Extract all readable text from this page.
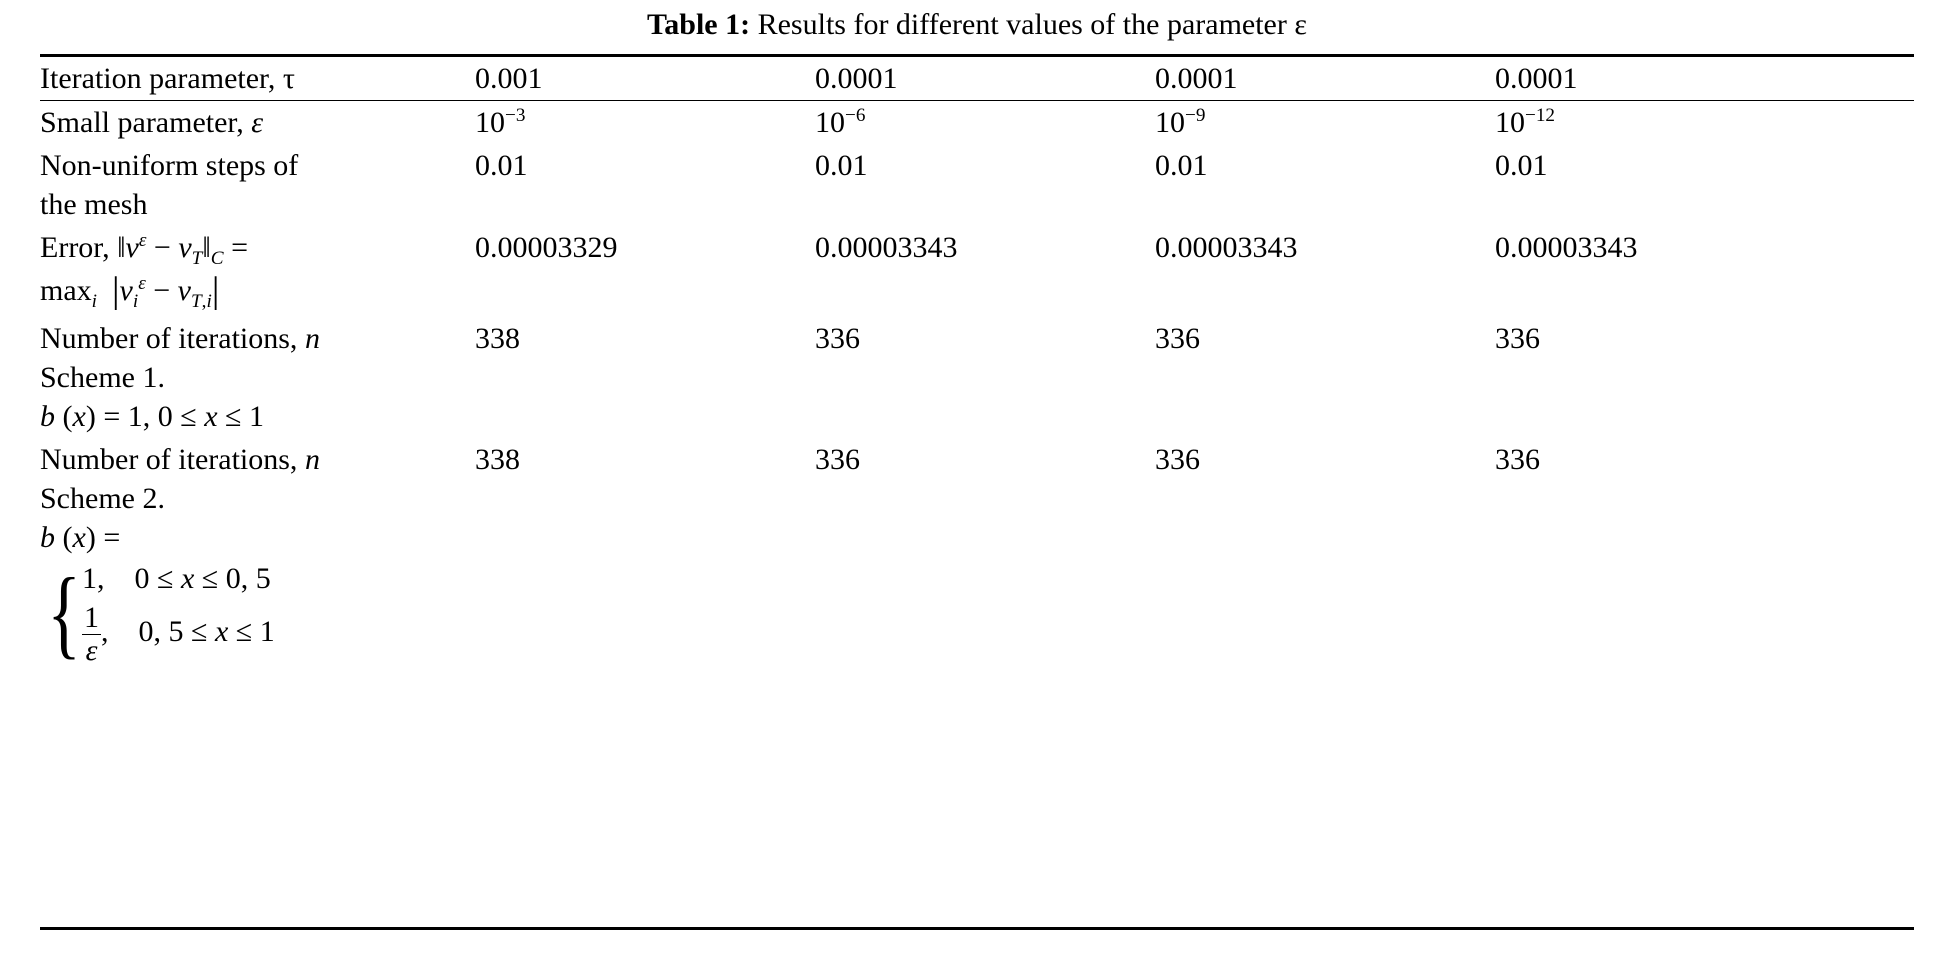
Table 1: Results for different values of the parameter ε
Iteration parameter, τ	0.001	0.0001	0.0001	0.0001
Small parameter, ε	$10^{-3}$	$10^{-6}$	$10^{-9}$	$10^{-12}$

Non-uniform steps of
the mesh	0.01	0.01	0.01	0.01

Error, $‖v^\varepsilon$ − $v_T‖_C$ =
$\max_i |v_i^\varepsilon - v_{T,i}|$	0.00003329	0.00003343	0.00003343	0.00003343

Number of iterations, n
Scheme 1.
b (x) = 1, 0 ≤ x ≤ 1	338	336	336	336

Number of iterations, n
Scheme 2.
b (x) =
{ 1,    0 ≤ x ≤ 0, 5
$\frac{1}{\varepsilon}$ ,    0, 5 ≤ x ≤ 1
	338	336	336	336
